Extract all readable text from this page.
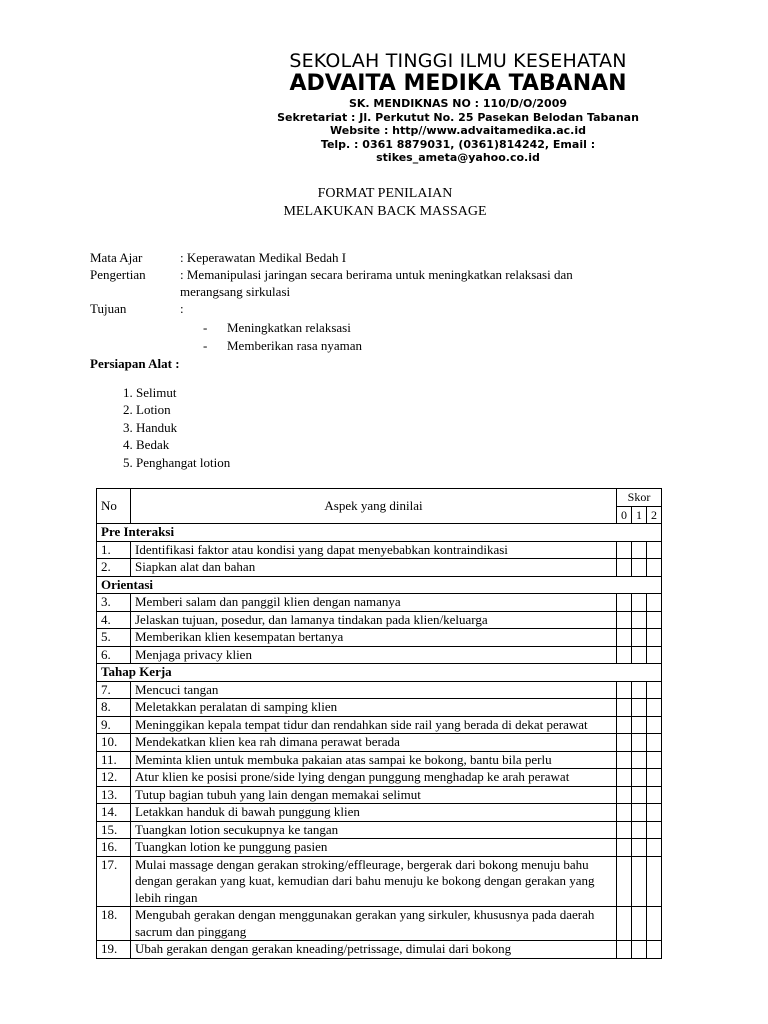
SEKOLAH TINGGI ILMU KESEHATAN
ADVAITA MEDIKA TABANAN
SK. MENDIKNAS NO : 110/D/O/2009
Sekretariat : Jl. Perkutut No. 25 Pasekan Belodan Tabanan
Website : http//www.advaitamedika.ac.id
Telp. : 0361 8879031, (0361)814242, Email :
stikes_ameta@yahoo.co.id
FORMAT PENILAIAN
MELAKUKAN BACK MASSAGE
Mata Ajar	: Keperawatan Medikal Bedah I
Pengertian	: Memanipulasi jaringan secara berirama untuk meningkatkan relaksasi dan merangsang sirkulasi
Tujuan	:
-	Meningkatkan relaksasi
-	Memberikan rasa nyaman
Persiapan Alat :
1. Selimut
2. Lotion
3. Handuk
4. Bedak
5. Penghangat lotion
No	Aspek yang dinilai	Skor		
		0	1	2
Pre Interaksi				
1.	Identifikasi faktor atau kondisi yang dapat menyebabkan kontraindikasi			
2.	Siapkan alat dan bahan			
Orientasi				
3.	Memberi salam dan panggil klien dengan namanya			
4.	Jelaskan tujuan, posedur, dan lamanya tindakan pada klien/keluarga			
5.	Memberikan klien kesempatan bertanya			
6.	Menjaga privacy klien			
Tahap Kerja				
7.	Mencuci tangan			
8.	Meletakkan peralatan di samping klien			
9.	Meninggikan kepala tempat tidur dan rendahkan side rail yang berada di dekat perawat			
10.	Mendekatkan klien kea rah dimana perawat berada			
11.	Meminta klien untuk membuka pakaian atas sampai ke bokong, bantu bila perlu			
12.	Atur klien ke posisi prone/side lying dengan punggung menghadap ke arah perawat			
13.	Tutup bagian tubuh yang lain dengan memakai selimut			
14.	Letakkan handuk di bawah punggung klien			
15.	Tuangkan lotion secukupnya ke tangan			
16.	Tuangkan lotion ke punggung pasien			
17.	Mulai massage dengan gerakan stroking/effleurage, bergerak dari bokong menuju bahu dengan gerakan yang kuat, kemudian dari bahu menuju ke bokong dengan gerakan yang lebih ringan			
18.	Mengubah gerakan dengan menggunakan gerakan yang sirkuler, khususnya pada daerah sacrum dan pinggang			
19.	Ubah gerakan dengan gerakan kneading/petrissage, dimulai dari bokong			
